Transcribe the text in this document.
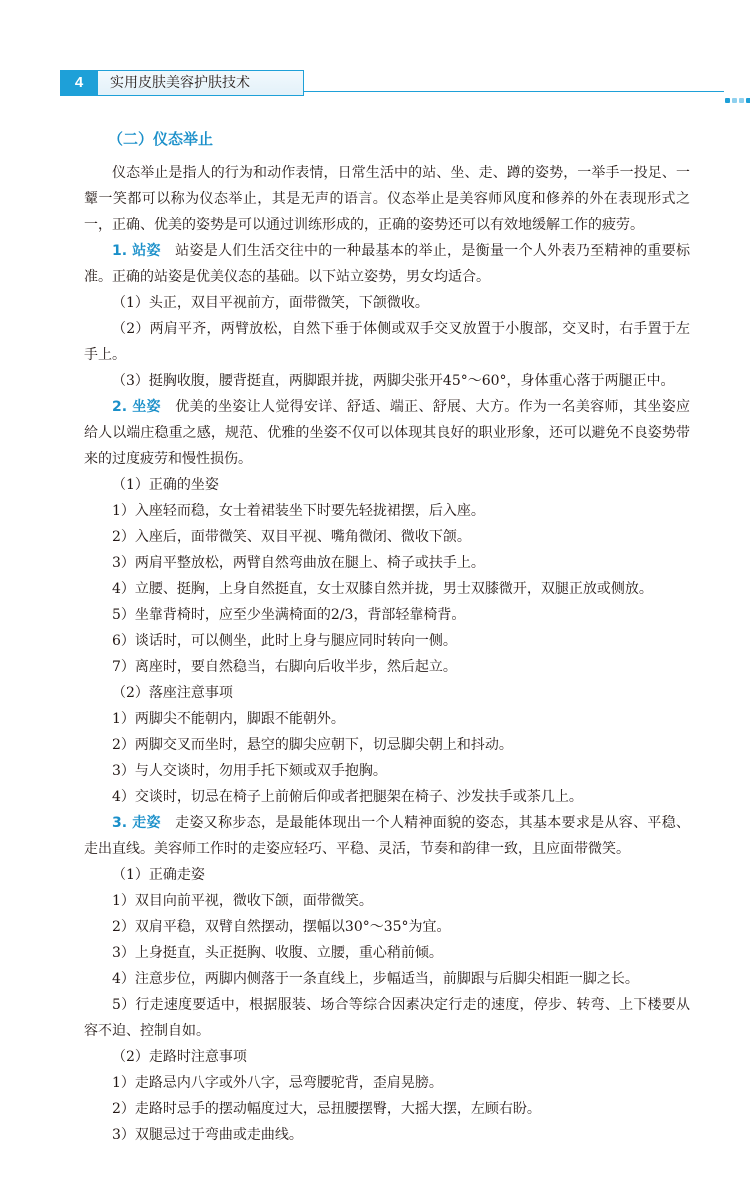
4	实用皮肤美容护肤技术
（二）仪态举止

仪态举止是指人的行为和动作表情，日常生活中的站、坐、走、蹲的姿势，一举手一投足、一颦一笑都可以称为仪态举止，其是无声的语言。仪态举止是美容师风度和修养的外在表现形式之一，正确、优美的姿势是可以通过训练形成的，正确的姿势还可以有效地缓解工作的疲劳。

1. 站姿　站姿是人们生活交往中的一种最基本的举止，是衡量一个人外表乃至精神的重要标准。正确的站姿是优美仪态的基础。以下站立姿势，男女均适合。

（1）头正，双目平视前方，面带微笑，下颌微收。

（2）两肩平齐，两臂放松，自然下垂于体侧或双手交叉放置于小腹部，交叉时，右手置于左手上。

（3）挺胸收腹，腰背挺直，两脚跟并拢，两脚尖张开45°～60°，身体重心落于两腿正中。

2. 坐姿　优美的坐姿让人觉得安详、舒适、端正、舒展、大方。作为一名美容师，其坐姿应给人以端庄稳重之感，规范、优雅的坐姿不仅可以体现其良好的职业形象，还可以避免不良姿势带来的过度疲劳和慢性损伤。

（1）正确的坐姿

1）入座轻而稳，女士着裙装坐下时要先轻拢裙摆，后入座。

2）入座后，面带微笑、双目平视、嘴角微闭、微收下颌。

3）两肩平整放松，两臂自然弯曲放在腿上、椅子或扶手上。

4）立腰、挺胸，上身自然挺直，女士双膝自然并拢，男士双膝微开，双腿正放或侧放。

5）坐靠背椅时，应至少坐满椅面的2/3，背部轻靠椅背。

6）谈话时，可以侧坐，此时上身与腿应同时转向一侧。

7）离座时，要自然稳当，右脚向后收半步，然后起立。

（2）落座注意事项

1）两脚尖不能朝内，脚跟不能朝外。

2）两脚交叉而坐时，悬空的脚尖应朝下，切忌脚尖朝上和抖动。

3）与人交谈时，勿用手托下颏或双手抱胸。

4）交谈时，切忌在椅子上前俯后仰或者把腿架在椅子、沙发扶手或茶几上。

3. 走姿　走姿又称步态，是最能体现出一个人精神面貌的姿态，其基本要求是从容、平稳、走出直线。美容师工作时的走姿应轻巧、平稳、灵活，节奏和韵律一致，且应面带微笑。

（1）正确走姿

1）双目向前平视，微收下颌，面带微笑。

2）双肩平稳，双臂自然摆动，摆幅以30°～35°为宜。

3）上身挺直，头正挺胸、收腹、立腰，重心稍前倾。

4）注意步位，两脚内侧落于一条直线上，步幅适当，前脚跟与后脚尖相距一脚之长。

5）行走速度要适中，根据服装、场合等综合因素决定行走的速度，停步、转弯、上下楼要从容不迫、控制自如。

（2）走路时注意事项

1）走路忌内八字或外八字，忌弯腰驼背，歪肩晃膀。

2）走路时忌手的摆动幅度过大，忌扭腰摆臀，大摇大摆，左顾右盼。

3）双腿忌过于弯曲或走曲线。
